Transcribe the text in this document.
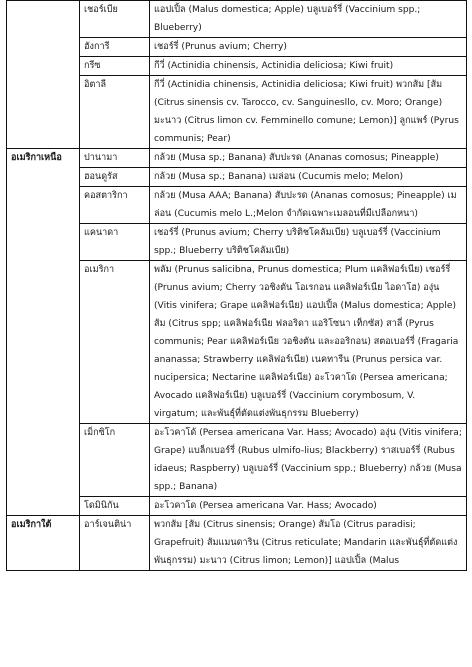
	เชอร์เบีย	แอปเปิ้ล (Malus domestica; Apple) บลูเบอร์รี่ (Vaccinium spp.; Blueberry)
	ฮังการี	เชอร์รี่ (Prunus avium; Cherry)
	กรีซ	กีวี่ (Actinidia chinensis, Actinidia deliciosa; Kiwi fruit)
	อิตาลี	กีวี่ (Actinidia chinensis, Actinidia deliciosa; Kiwi fruit) พวกส้ม [ส้ม (Citrus sinensis cv. Tarocco, cv. Sanguinesllo, cv. Moro; Orange) มะนาว (Citrus limon cv. Femminello comune; Lemon)] ลูกแพร์ (Pyrus communis; Pear)
อเมริกาเหนือ	ปานามา	กล้วย (Musa sp.; Banana) สับปะรด (Ananas comosus; Pineapple)
	ฮอนดูรัส	กล้วย (Musa sp.; Banana) เมล่อน (Cucumis melo; Melon)
	คอสตาริกา	กล้วย (Musa AAA; Banana) สับปะรด (Ananas comosus; Pineapple) เมล่อน (Cucumis melo L.;Melon จำกัดเฉพาะเมลอนที่มีเปลือกหนา)
	แคนาดา	เชอร์รี่ (Prunus avium; Cherry บริติชโคลัมเบีย) บลูเบอร์รี่ (Vaccinium spp.; Blueberry บริติชโคลัมเบีย)
	อเมริกา	พลัม (Prunus salicibna, Prunus domestica; Plum แคลิฟอร์เนีย) เชอร์รี่ (Prunus avium; Cherry วอชิงตัน โอเรกอน แคลิฟอร์เนีย ไอดาโฮ) องุ่น (Vitis vinifera; Grape แคลิฟอร์เนีย) แอปเปิ้ล (Malus domestica; Apple) ส้ม (Citrus spp; แคลิฟอร์เนีย ฟลอริดา แอริโซนา เท็กซัส) สาลี่ (Pyrus communis; Pear แคลิฟอร์เนีย วอชิงตัน และออริกอน) สตอเบอร์รี่ (Fragaria ananassa; Strawberry แคลิฟอร์เนีย) เนคทารีน (Prunus persica var. nucipersica; Nectarine แคลิฟอร์เนีย) อะโวคาโด (Persea americana; Avocado แคลิฟอร์เนีย) บลูเบอร์รี่ (Vaccinium corymbosum, V. virgatum; และพันธุ์ที่ตัดแต่งพันธุกรรม Blueberry)
	เม็กซิโก	อะโวคาโด้ (Persea americana Var. Hass; Avocado) องุ่น (Vitis vinifera; Grape) แบล็กเบอร์รี่ (Rubus ulmifo-lius; Blackberry) ราสเบอร์รี่ (Rubus idaeus; Raspberry) บลูเบอร์รี่ (Vaccinium spp.; Blueberry) กล้วย (Musa spp.; Banana)
	โดมินิกัน	อะโวคาโด (Persea americana Var. Hass; Avocado)
อเมริกาใต้	อาร์เจนติน่า	พวกส้ม [ส้ม (Citrus sinensis; Orange) ส้มโอ (Citrus paradisi; Grapefruit) ส้มแมนดาริน (Citrus reticulate; Mandarin และพันธุ์ที่ตัดแต่งพันธุกรรม) มะนาว (Citrus limon; Lemon)] แอปเปิ้ล (Malus
